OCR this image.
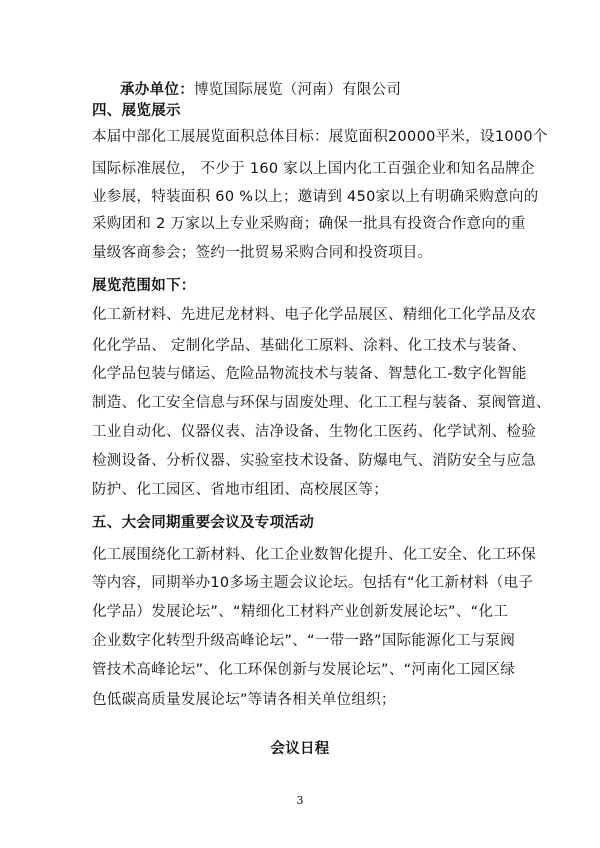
承办单位：博览国际展览（河南）有限公司
四、展览展示
本届中部化工展展览面积总体目标：展览面积20000平米，设1000个
国际标准展位， 不少于 160 家以上国内化工百强企业和知名品牌企
业参展，特装面积 60 %以上；邀请到 450家以上有明确采购意向的
采购团和 2 万家以上专业采购商；确保一批具有投资合作意向的重
量级客商参会；签约一批贸易采购合同和投资项目。
展览范围如下：
化工新材料、先进尼龙材料、电子化学品展区、精细化工化学品及农
化化学品、 定制化学品、基础化工原料、涂料、化工技术与装备、
化学品包装与储运、危险品物流技术与装备、智慧化工-数字化智能
制造、化工安全信息与环保与固废处理、化工工程与装备、泵阀管道、
工业自动化、仪器仪表、洁净设备、生物化工医药、化学试剂、检验
检测设备、分析仪器、实验室技术设备、防爆电气、消防安全与应急
防护、化工园区、省地市组团、高校展区等；
五、大会同期重要会议及专项活动
化工展围绕化工新材料、化工企业数智化提升、化工安全、化工环保
等内容，同期举办10多场主题会议论坛。包括有“化工新材料（电子
化学品）发展论坛”、“精细化工材料产业创新发展论坛”、“化工
企业数字化转型升级高峰论坛”、“一带一路”国际能源化工与泵阀
管技术高峰论坛”、化工环保创新与发展论坛”、“河南化工园区绿
色低碳高质量发展论坛”等请各相关单位组织；
会议日程
3
